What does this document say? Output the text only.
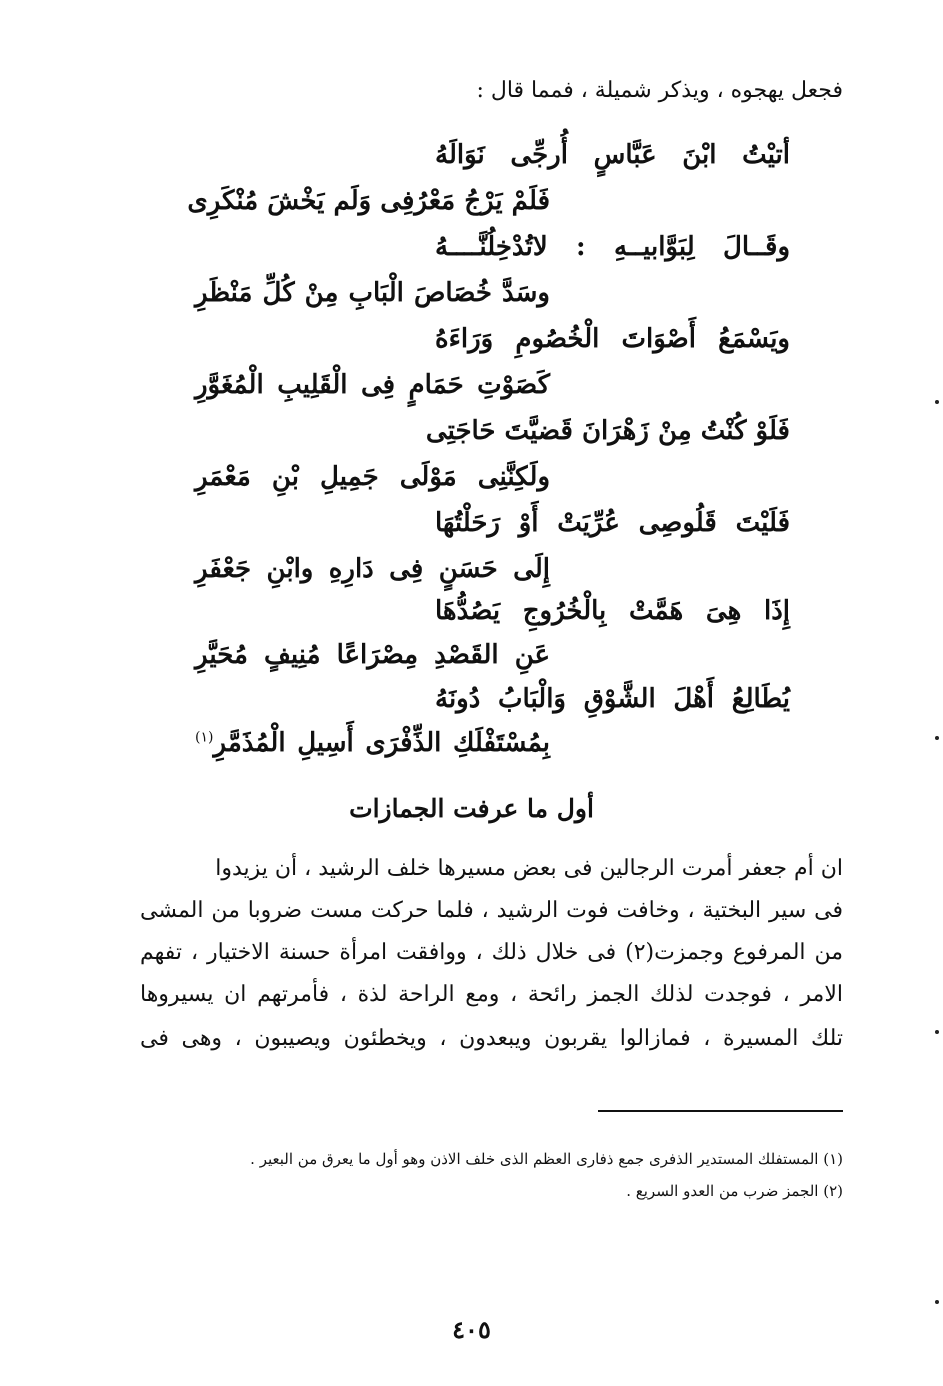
فجعل يهجوه ، ويذكر شميلة ، فمما قال :
أتيْتُ ابْنَ عَبَّاسٍ أُرجِّى نَوَالَهُ
فَلَمْ يَرْجُ مَعْرُفِى وَلَم يَخْشَ مُنْكَرِى
وقَــالَ لِبَوَّابيــهِ : لاتُدْخِلُنَّــــهُ
وسَدَّ خُصَاصَ الْبَابِ مِنْ كُلِّ مَنْظَرِ
ويَسْمَعُ أَصْوَاتَ الْخُصُومِ وَرَاءَهُ
كَصَوْتِ حَمَامٍ فِى الْقَلِيبِ الْمُغَوَّرِ
فَلَوْ كُنْتُ مِنْ زَهْرَانَ قَضيَّتَ حَاجَتِى
ولَكِنَّنِى مَوْلَى جَمِيلِ بْنِ مَعْمَرِ
فَلَيْتَ قَلُوصِى عُرِّيَتْ أَوْ رَحَلْتُهَا
إِلَى حَسَنٍ فِى دَارِهِ وابْنِ جَعْفَرِ
إِذَا هِىَ هَمَّتْ بِالْخُرُوجِ يَصُدُّهَا
عَنِ القَصْدِ مِصْرَاعًا مُنِيفٍ مُحَيَّرِ
يُطَالِعُ أَهْلَ الشَّوْقِ وَالْبَابُ دُونَهُ
بِمُسْتَفْلَكِ الذِّفْرَى أَسِيلِ الْمُذَمَّرِ$^{(١)}$
أول ما عرفت الجمازات
ان أم جعفر أمرت الرجالين فى بعض مسيرها خلف الرشيد ، أن يزيدوا
فى سير البختية ، وخافت فوت الرشيد ، فلما حركت مست ضروبا من المشى
من المرفوع وجمزت(٢) فى خلال ذلك ، ووافقت امرأة حسنة الاختيار ، تفهم
الامر ، فوجدت لذلك الجمز رائحة ، ومع الراحة لذة ، فأمرتهم ان يسيروها
تلك المسيرة ، فمازالوا يقربون ويبعدون ، ويخطئون ويصيبون ، وهى فى
(١) المستفلك المستدير الذفرى جمع ذفارى العظم الذى خلف الاذن وهو أول ما يعرق من البعير .
(٢) الجمز ضرب من العدو السريع .
٤٠٥
